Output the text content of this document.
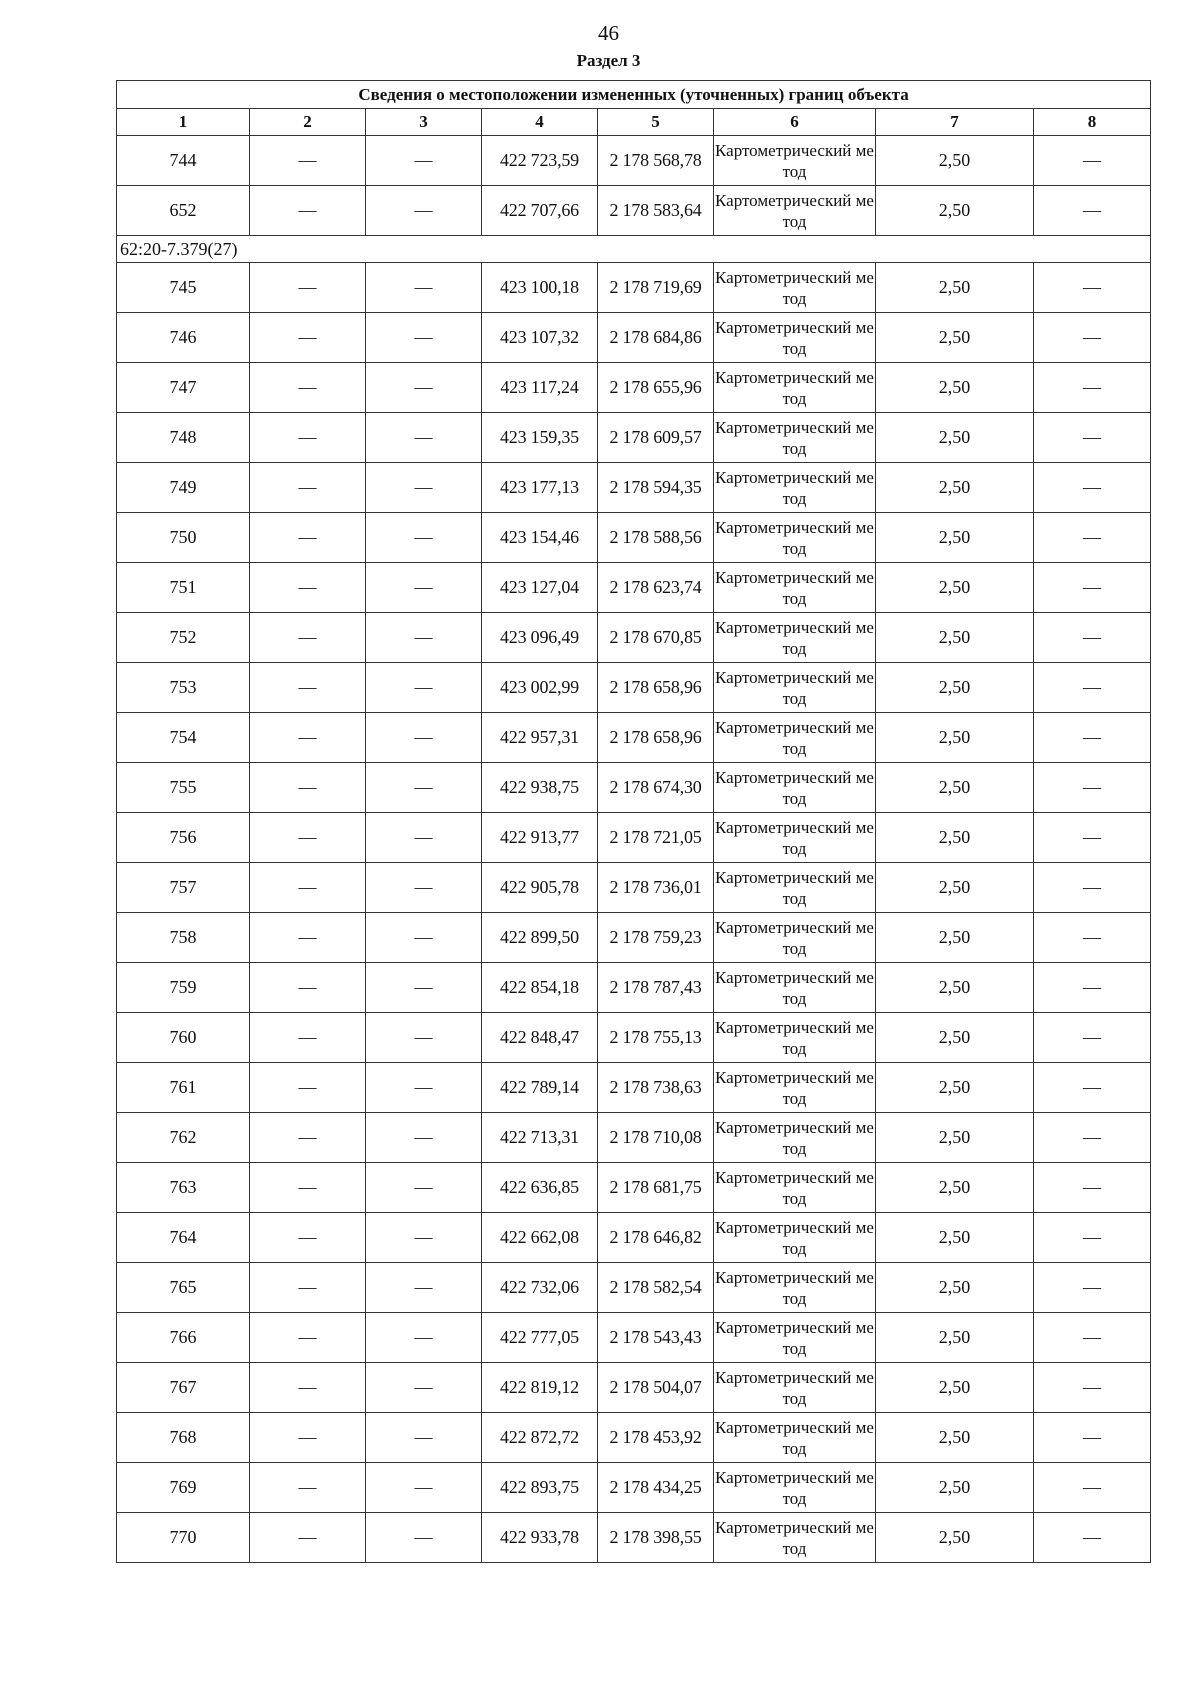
46
Раздел 3
Сведения о местоположении измененных (уточненных) границ объекта							
1	2	3	4	5	6	7	8
744	—	—	422 723,59	2 178 568,78	Картометрический метод	2,50	—
652	—	—	422 707,66	2 178 583,64	Картометрический метод	2,50	—
62:20-7.379(27)							
745	—	—	423 100,18	2 178 719,69	Картометрический метод	2,50	—
746	—	—	423 107,32	2 178 684,86	Картометрический метод	2,50	—
747	—	—	423 117,24	2 178 655,96	Картометрический метод	2,50	—
748	—	—	423 159,35	2 178 609,57	Картометрический метод	2,50	—
749	—	—	423 177,13	2 178 594,35	Картометрический метод	2,50	—
750	—	—	423 154,46	2 178 588,56	Картометрический метод	2,50	—
751	—	—	423 127,04	2 178 623,74	Картометрический метод	2,50	—
752	—	—	423 096,49	2 178 670,85	Картометрический метод	2,50	—
753	—	—	423 002,99	2 178 658,96	Картометрический метод	2,50	—
754	—	—	422 957,31	2 178 658,96	Картометрический метод	2,50	—
755	—	—	422 938,75	2 178 674,30	Картометрический метод	2,50	—
756	—	—	422 913,77	2 178 721,05	Картометрический метод	2,50	—
757	—	—	422 905,78	2 178 736,01	Картометрический метод	2,50	—
758	—	—	422 899,50	2 178 759,23	Картометрический метод	2,50	—
759	—	—	422 854,18	2 178 787,43	Картометрический метод	2,50	—
760	—	—	422 848,47	2 178 755,13	Картометрический метод	2,50	—
761	—	—	422 789,14	2 178 738,63	Картометрический метод	2,50	—
762	—	—	422 713,31	2 178 710,08	Картометрический метод	2,50	—
763	—	—	422 636,85	2 178 681,75	Картометрический метод	2,50	—
764	—	—	422 662,08	2 178 646,82	Картометрический метод	2,50	—
765	—	—	422 732,06	2 178 582,54	Картометрический метод	2,50	—
766	—	—	422 777,05	2 178 543,43	Картометрический метод	2,50	—
767	—	—	422 819,12	2 178 504,07	Картометрический метод	2,50	—
768	—	—	422 872,72	2 178 453,92	Картометрический метод	2,50	—
769	—	—	422 893,75	2 178 434,25	Картометрический метод	2,50	—
770	—	—	422 933,78	2 178 398,55	Картометрический метод	2,50	—
